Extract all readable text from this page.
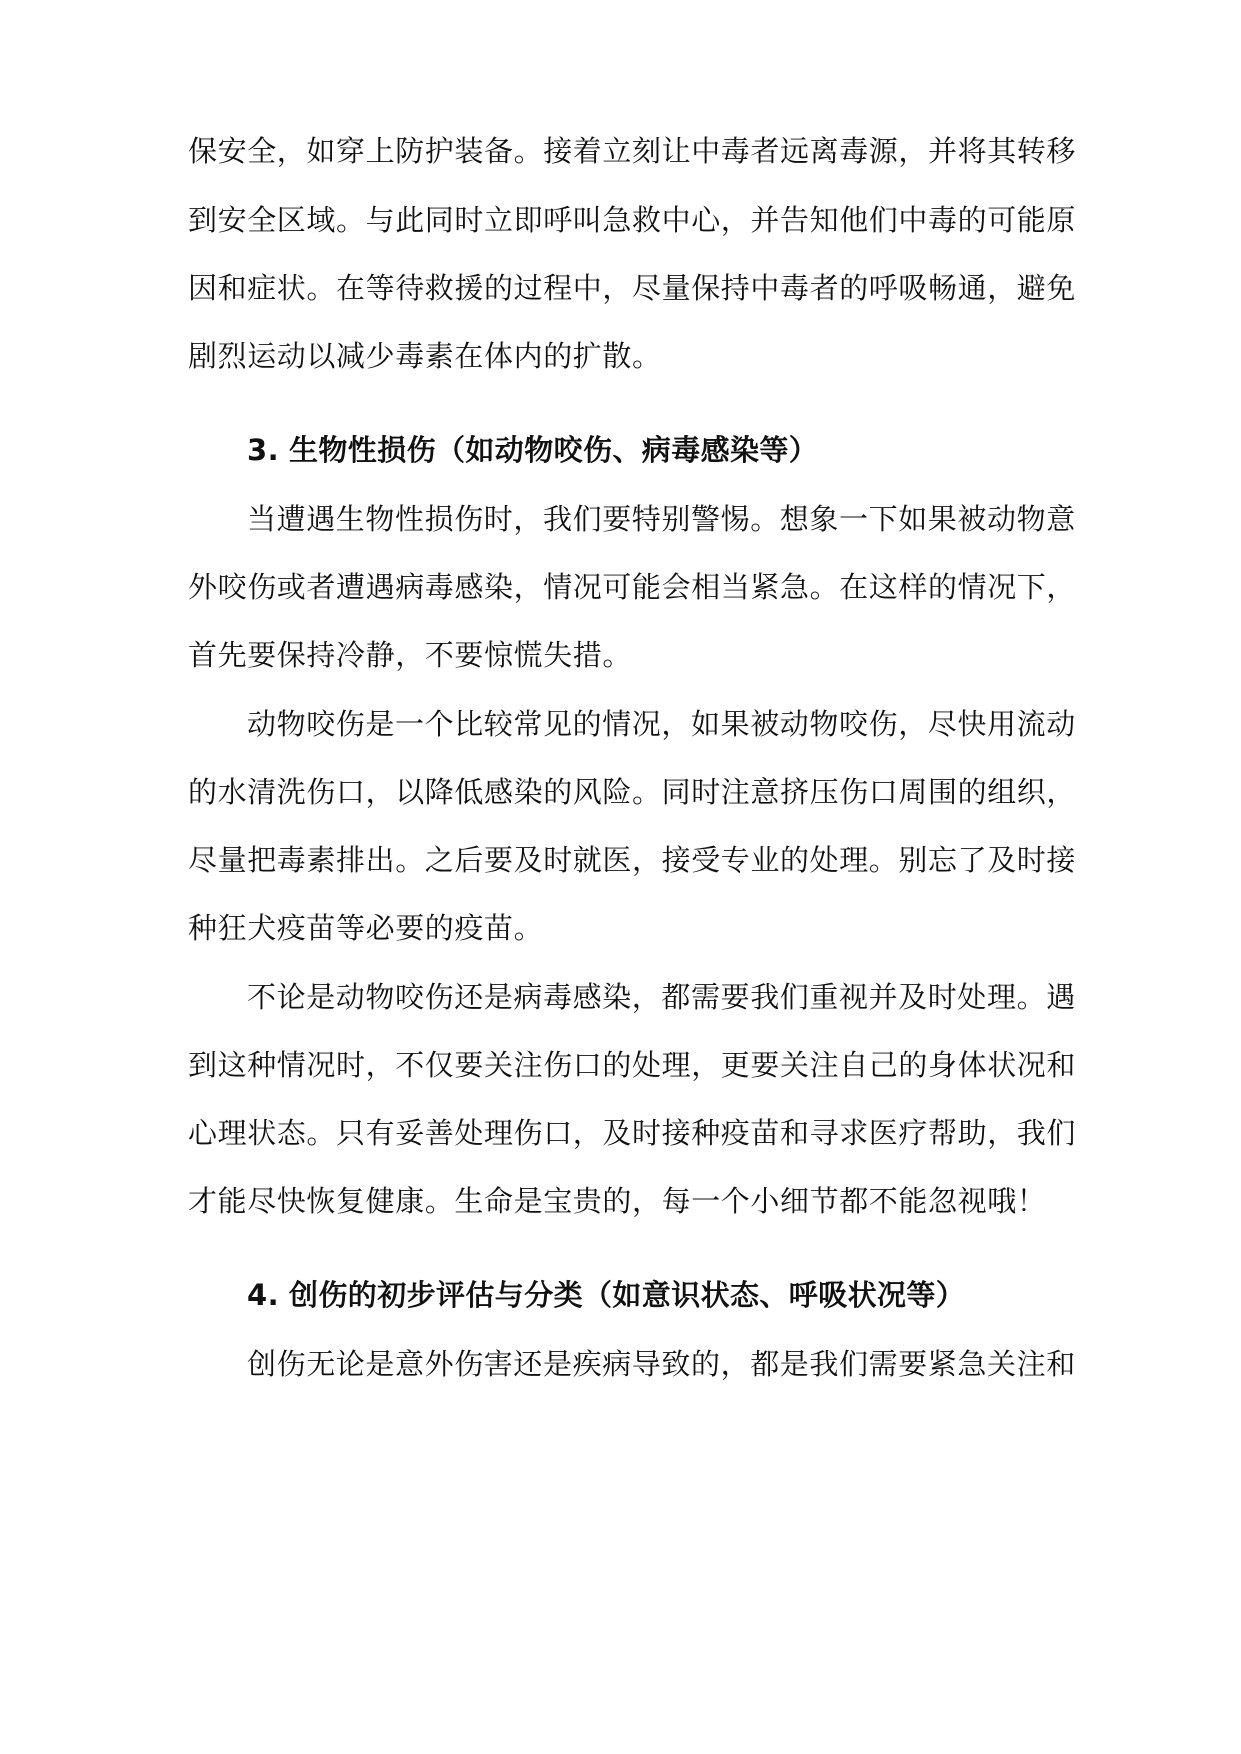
保安全，如穿上防护装备。接着立刻让中毒者远离毒源，并将其转移
到安全区域。与此同时立即呼叫急救中心，并告知他们中毒的可能原
因和症状。在等待救援的过程中，尽量保持中毒者的呼吸畅通，避免
剧烈运动以减少毒素在体内的扩散。
3. 生物性损伤（如动物咬伤、病毒感染等）
当遭遇生物性损伤时，我们要特别警惕。想象一下如果被动物意
外咬伤或者遭遇病毒感染，情况可能会相当紧急。在这样的情况下，
首先要保持冷静，不要惊慌失措。
动物咬伤是一个比较常见的情况，如果被动物咬伤，尽快用流动
的水清洗伤口，以降低感染的风险。同时注意挤压伤口周围的组织，
尽量把毒素排出。之后要及时就医，接受专业的处理。别忘了及时接
种狂犬疫苗等必要的疫苗。
不论是动物咬伤还是病毒感染，都需要我们重视并及时处理。遇
到这种情况时，不仅要关注伤口的处理，更要关注自己的身体状况和
心理状态。只有妥善处理伤口，及时接种疫苗和寻求医疗帮助，我们
才能尽快恢复健康。生命是宝贵的，每一个小细节都不能忽视哦！
4. 创伤的初步评估与分类（如意识状态、呼吸状况等）
创伤无论是意外伤害还是疾病导致的，都是我们需要紧急关注和
